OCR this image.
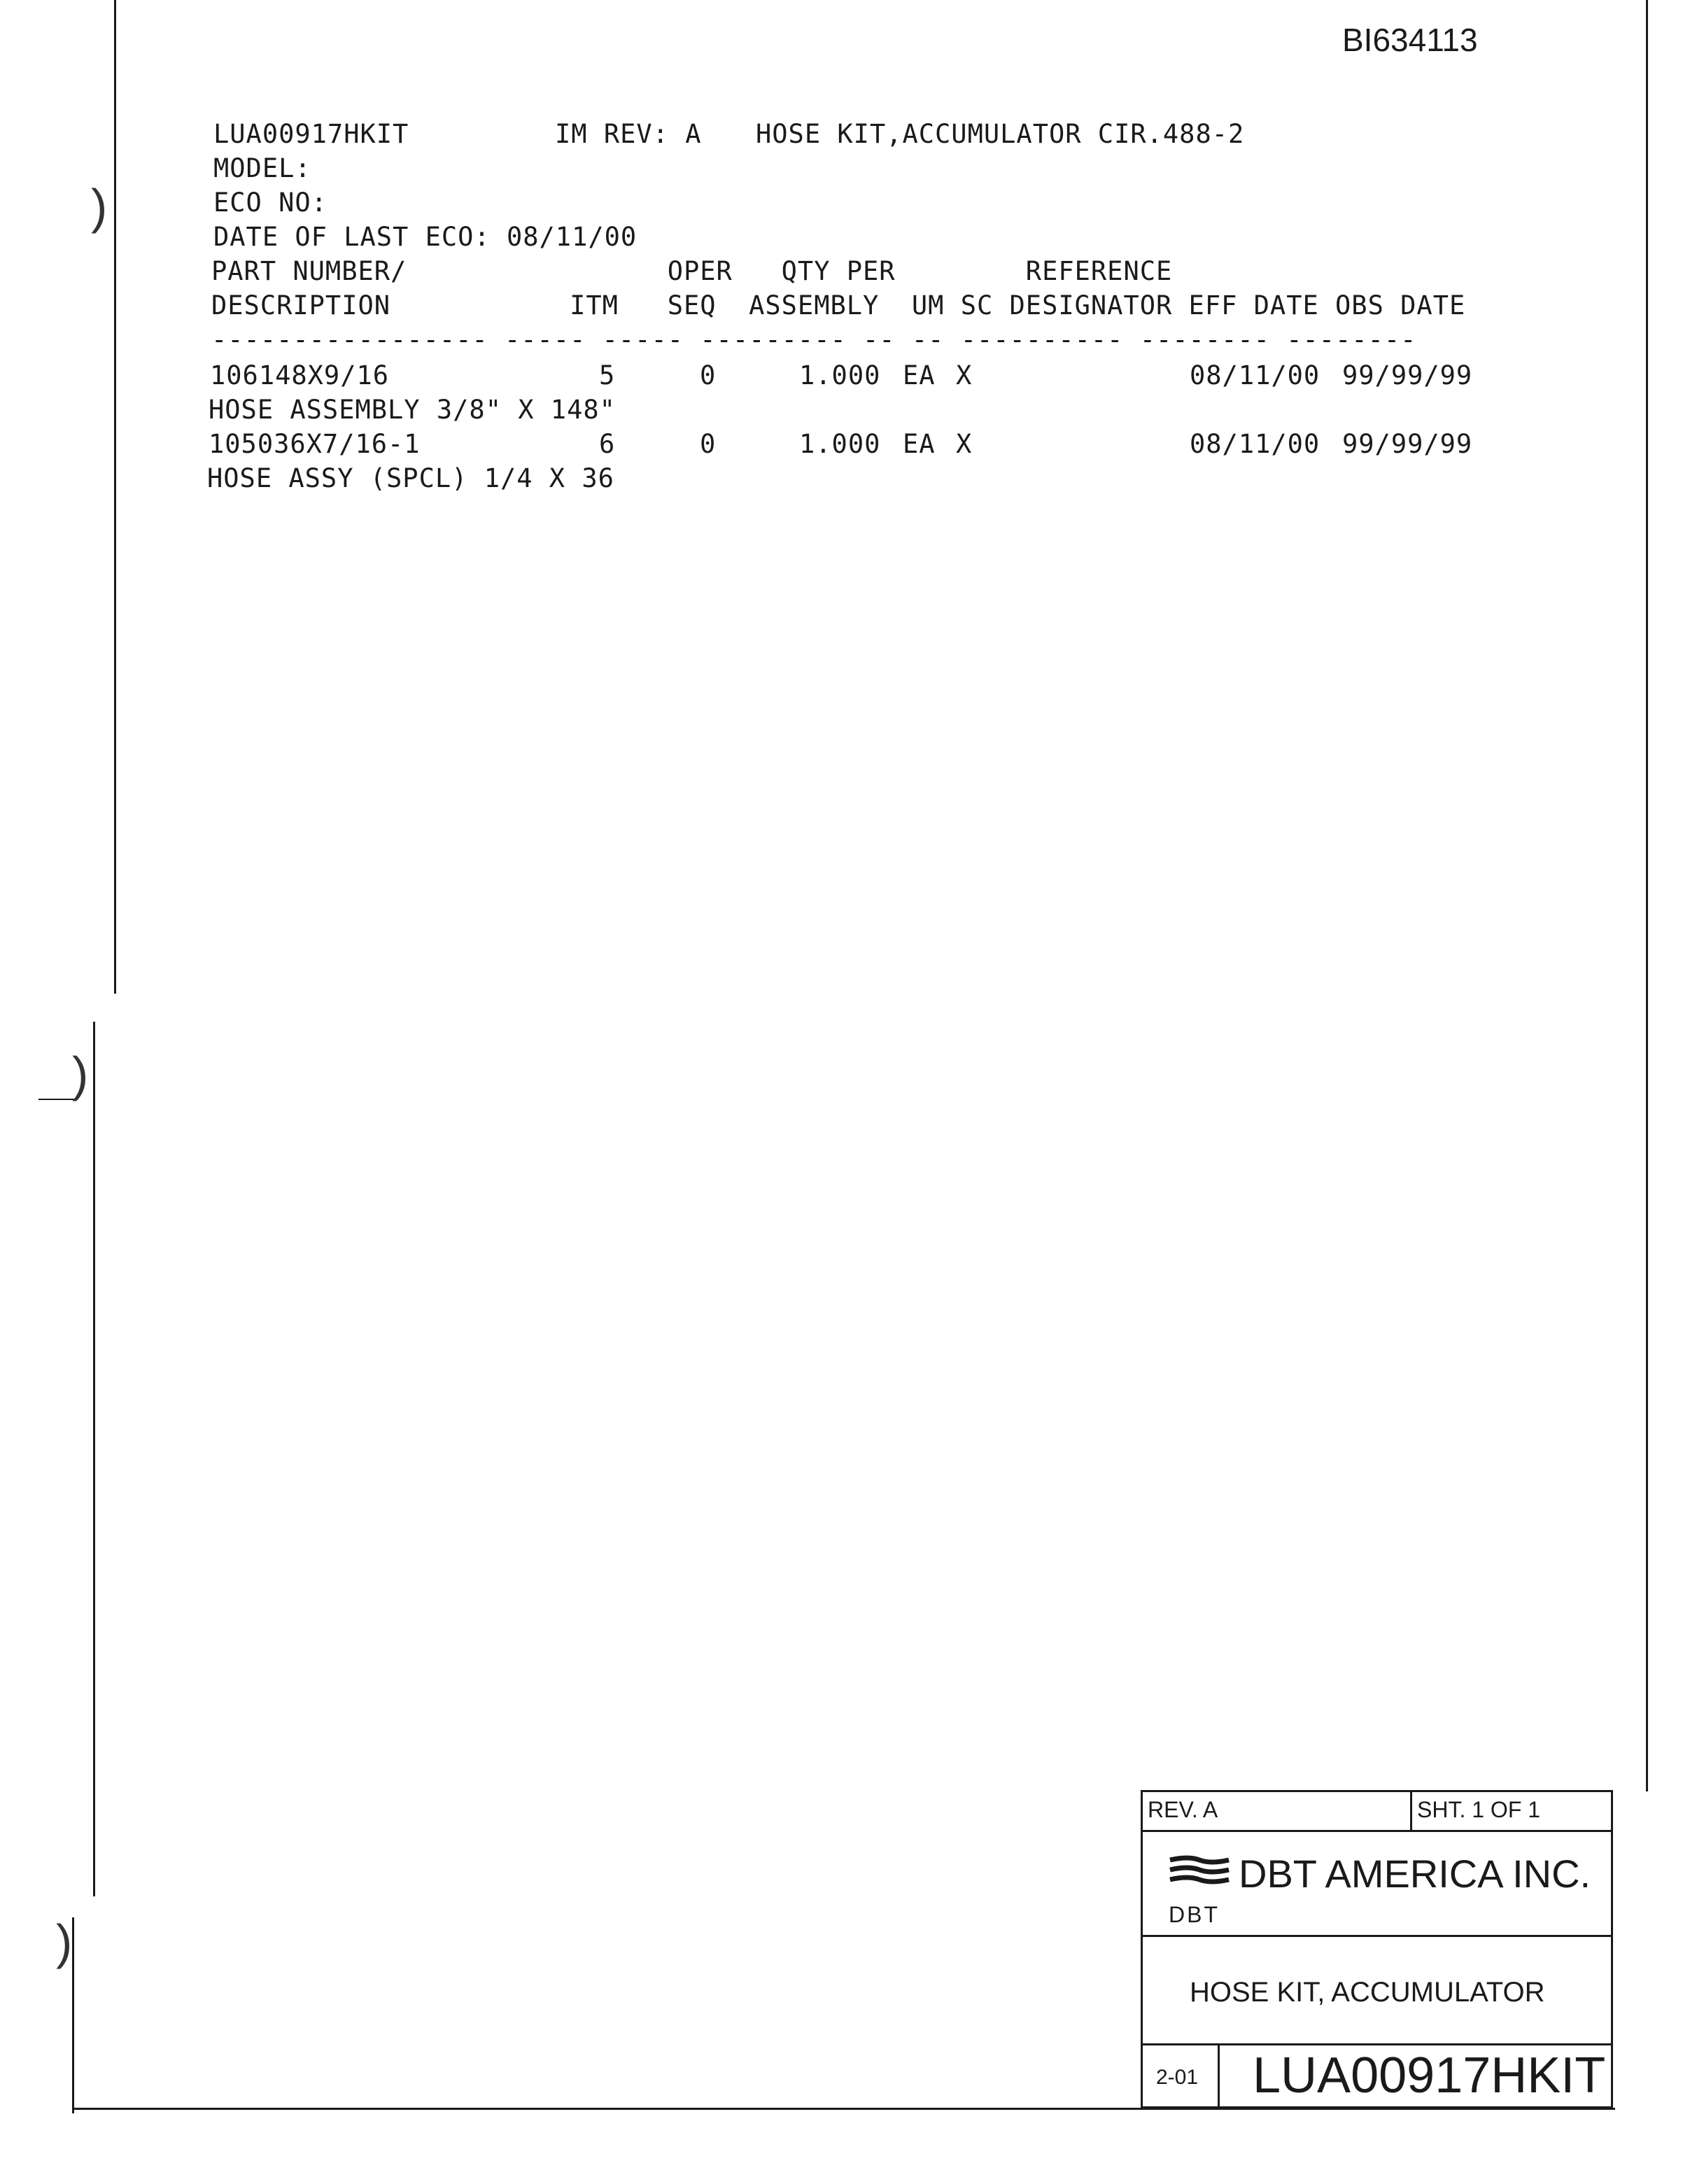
BI634113
)
)
)
LUA00917HKIT	IM REV: A HOSE KIT,ACCUMULATOR CIR.488-2
MODEL:
ECO NO:
DATE OF LAST ECO: 08/11/00
PART NUMBER/                OPER   QTY PER        REFERENCE
DESCRIPTION           ITM   SEQ  ASSEMBLY  UM SC DESIGNATOR EFF DATE OBS DATE
----------------- ----- ----- --------- -- -- ---------- -------- --------
106148X9/16	5	0	1.000 EA X	08/11/00 99/99/99
HOSE ASSEMBLY 3/8" X 148"
105036X7/16-1	6	0	1.000 EA X	08/11/00 99/99/99
HOSE ASSY (SPCL) 1/4 X 36
REV. A	SHT. 1 OF 1
DBT AMERICA INC.
DBT
HOSE KIT, ACCUMULATOR
2-01 LUA00917HKIT
